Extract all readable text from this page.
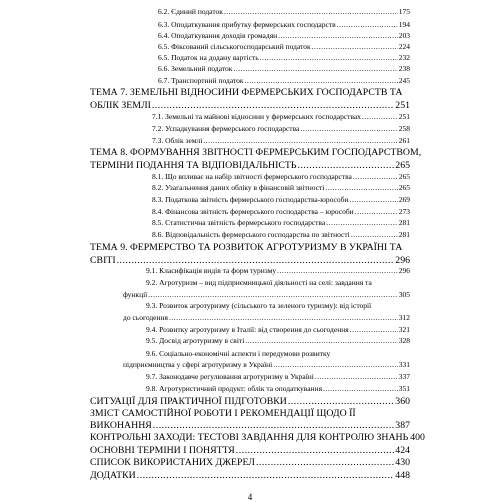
6.2. Єдиний податок .....	175
6.3. Оподаткування прибутку фермерських господарств .....	194
6.4. Оподаткування доходів громадян .....	203
6.5. Фіксований сільськогосподарський податок .....	224
6.5. Податок на додану вартість .....	232
6.6. Земельний податок .....	238
6.7. Транспортний податок .....	245
ТЕМА 7. ЗЕМЕЛЬНІ ВІДНОСИНИ ФЕРМЕРСЬКИХ ГОСПОДАРСТВ ТА
ОБЛІК ЗЕМЛІ .....	251
7.1. Земельні та майнові відносини у фермерських господарствах .....	251
7.2. Успадкування фермерського господарства .....	258
7.3. Облік землі .....	261
ТЕМА 8. ФОРМУВАННЯ ЗВІТНОСТІ ФЕРМЕРСЬКИМ ГОСПОДАРСТВОМ,
ТЕРМІНИ ПОДАННЯ ТА ВІДПОВІДАЛЬНІСТЬ .....	265
8.1. Що впливає на набір звітності фермерського господарства .....	265
8.2. Узагальнення даних обліку в фінансовій звітності .....	265
8.3. Податкова звітність фермерського господарства-юрособи .....	269
8.4. Фінансова звітність фермерського господарства – юрособи .....	273
8.5. Статистична звітність фермерського господарства .....	281
8.6. Відповідальність фермерського господарства по звітності .....	281
ТЕМА 9. ФЕРМЕРСТВО ТА РОЗВИТОК АГРОТУРИЗМУ В УКРАЇНІ ТА
СВІТІ .....	296
9.1. Класифікація видів та форм туризму .....	296
9.2. Агротуризм – вид підприємницької діяльності на селі: завдання та
функції .....	305
9.3. Розвиток агротуризму (сільського та зеленого туризму): від історії
до сьогодення .....	312
9.4. Розвитку агротуризму в Італії: від створення до сьогодення .....	321
9.5. Досвід агротуризму в світі .....	328
9.6. Соціально-економічні аспекти і передумови розвитку
підприємництва у сфері агротуризму в Україні .....	331
9.7. Законодавче регулювання агротуризму в Україні .....	337
9.8. Агротуристичний продукт: облік та оподаткування .....	351
СИТУАЦІЇ ДЛЯ ПРАКТИЧНОЇ ПІДГОТОВКИ .....	360
ЗМІСТ САМОСТІЙНОЇ РОБОТИ І РЕКОМЕНДАЦІЇ ЩОДО ЇЇ
ВИКОНАННЯ .....	387
КОНТРОЛЬНІ ЗАХОДИ: ТЕСТОВІ ЗАВДАННЯ ДЛЯ КОНТРОЛЮ ЗНАНЬ 400
ОСНОВНІ ТЕРМІНИ І ПОНЯТТЯ .....	424
СПИСОК ВИКОРИСТАНИХ ДЖЕРЕЛ .....	430
ДОДАТКИ .....	448
4
